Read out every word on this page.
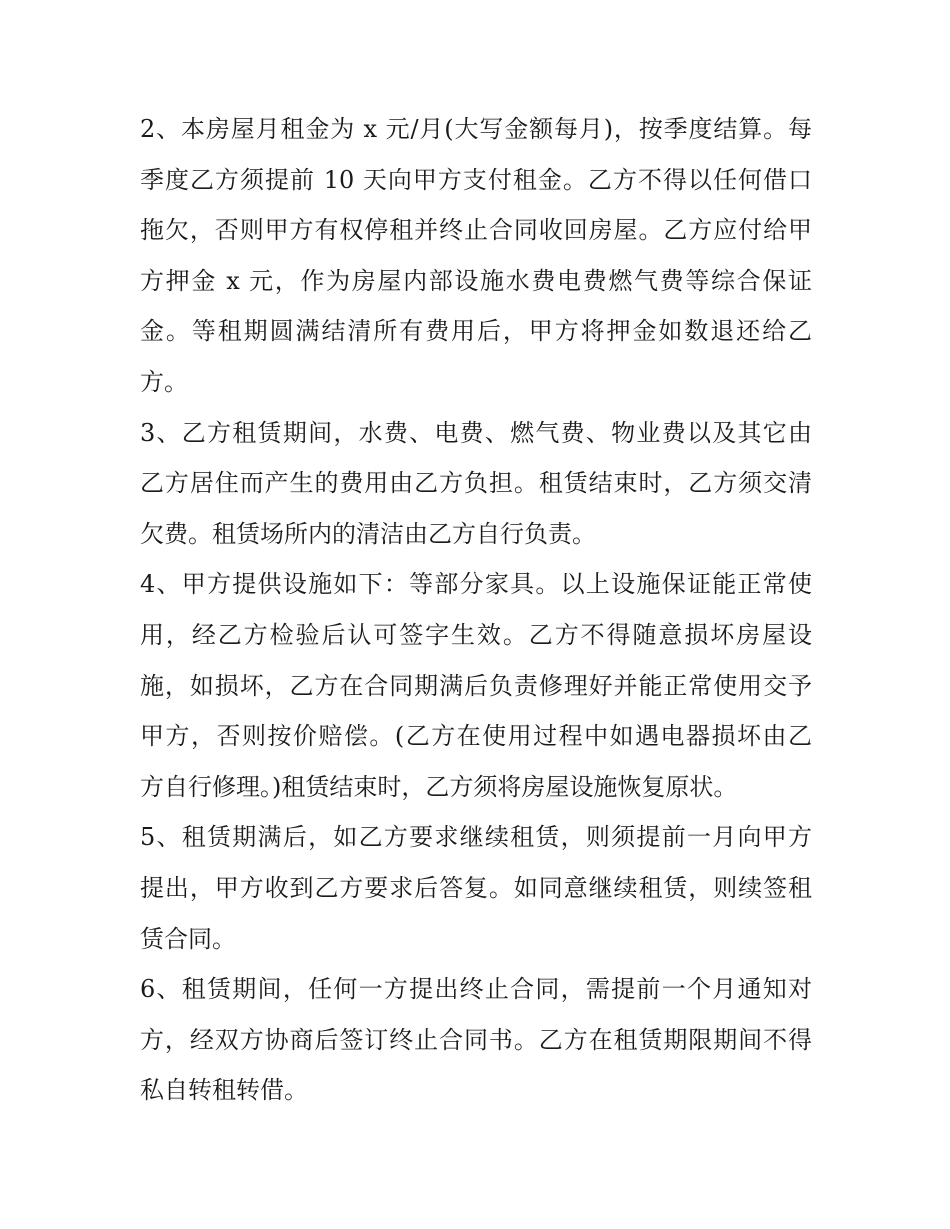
2、本房屋月租金为 x 元/月(大写金额每月)，按季度结算。每
季度乙方须提前 10 天向甲方支付租金。乙方不得以任何借口
拖欠，否则甲方有权停租并终止合同收回房屋。乙方应付给甲
方押金 x 元，作为房屋内部设施水费电费燃气费等综合保证
金。等租期圆满结清所有费用后，甲方将押金如数退还给乙
方。
3、乙方租赁期间，水费、电费、燃气费、物业费以及其它由
乙方居住而产生的费用由乙方负担。租赁结束时，乙方须交清
欠费。租赁场所内的清洁由乙方自行负责。
4、甲方提供设施如下：等部分家具。以上设施保证能正常使
用，经乙方检验后认可签字生效。乙方不得随意损坏房屋设
施，如损坏，乙方在合同期满后负责修理好并能正常使用交予
甲方，否则按价赔偿。(乙方在使用过程中如遇电器损坏由乙
方自行修理。)租赁结束时，乙方须将房屋设施恢复原状。
5、租赁期满后，如乙方要求继续租赁，则须提前一月向甲方
提出，甲方收到乙方要求后答复。如同意继续租赁，则续签租
赁合同。
6、租赁期间，任何一方提出终止合同，需提前一个月通知对
方，经双方协商后签订终止合同书。乙方在租赁期限期间不得
私自转租转借。
